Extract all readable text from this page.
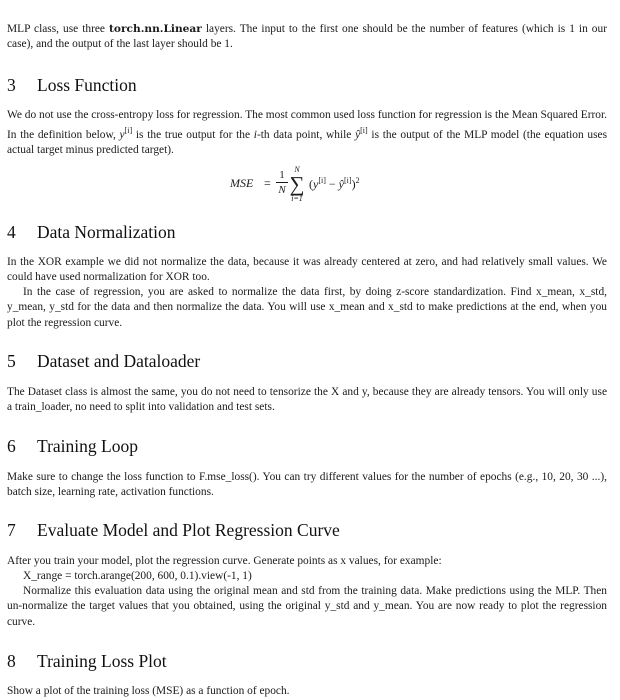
MLP class, use three torch.nn.Linear layers. The input to the first one should be the number of features (which is 1 in our case), and the output of the last layer should be 1.

3 Loss Function

We do not use the cross-entropy loss for regression. The most common used loss function for regression is the Mean Squared Error. In the definition below, y[i] is the true output for the i-th data point, while ŷ[i] is the output of the MLP model (the equation uses actual target minus predicted target).

MSE =
1
N
N
∑
i=1
(y[i] − ŷ[i])$^2$
4 Data Normalization

In the XOR example we did not normalize the data, because it was already centered at zero, and had relatively small values. We could have used normalization for XOR too.

In the case of regression, you are asked to normalize the data first, by doing z-score standardization. Find x_mean, x_std, y_mean, y_std for the data and then normalize the data. You will use x_mean and x_std to make predictions at the end, when you plot the regression curve.

5 Dataset and Dataloader

The Dataset class is almost the same, you do not need to tensorize the X and y, because they are already tensors. You will only use a train_loader, no need to split into validation and test sets.

6 Training Loop

Make sure to change the loss function to F.mse_loss(). You can try different values for the number of epochs (e.g., 10, 20, 30 ...), batch size, learning rate, activation functions.

7 Evaluate Model and Plot Regression Curve

After you train your model, plot the regression curve. Generate points as x values, for example:

X_range = torch.arange(200, 600, 0.1).view(-1, 1)

Normalize this evaluation data using the original mean and std from the training data. Make predictions using the MLP. Then un-normalize the target values that you obtained, using the original y_std and y_mean. You are now ready to plot the regression curve.

8 Training Loss Plot

Show a plot of the training loss (MSE) as a function of epoch.
